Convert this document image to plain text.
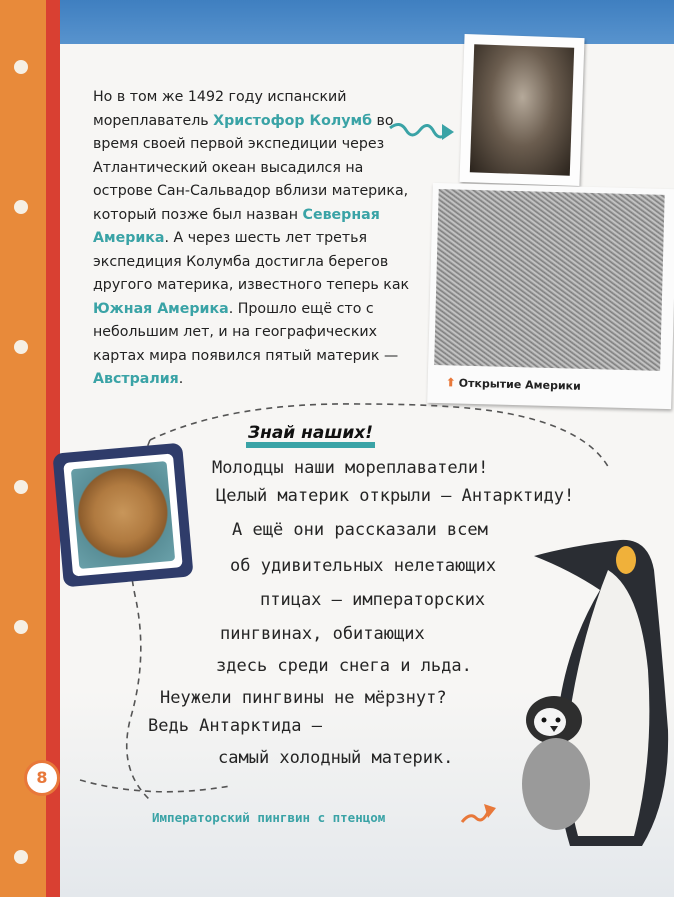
Но в том же 1492 году испанский мореплаватель Христофор Колумб во время своей первой экспедиции через Атлантический океан высадился на острове Сан-Сальвадор вблизи материка, который позже был назван Северная Америка. А через шесть лет третья экспедиция Колумба достигла берегов другого материка, известного теперь как Южная Америка. Прошло ещё сто с небольшим лет, и на географических картах мира появился пятый материк — Австралия.	⬆ Открытие Америки
Знай наших!
Молодцы наши мореплаватели!
Целый материк открыли – Антарктиду!
А ещё они рассказали всем
об удивительных нелетающих
птицах – императорских
пингвинах, обитающих
здесь среди снега и льда.
Неужели пингвины не мёрзнут?
Ведь Антарктида –
самый холодный материк.
8
Императорский пингвин с птенцом
